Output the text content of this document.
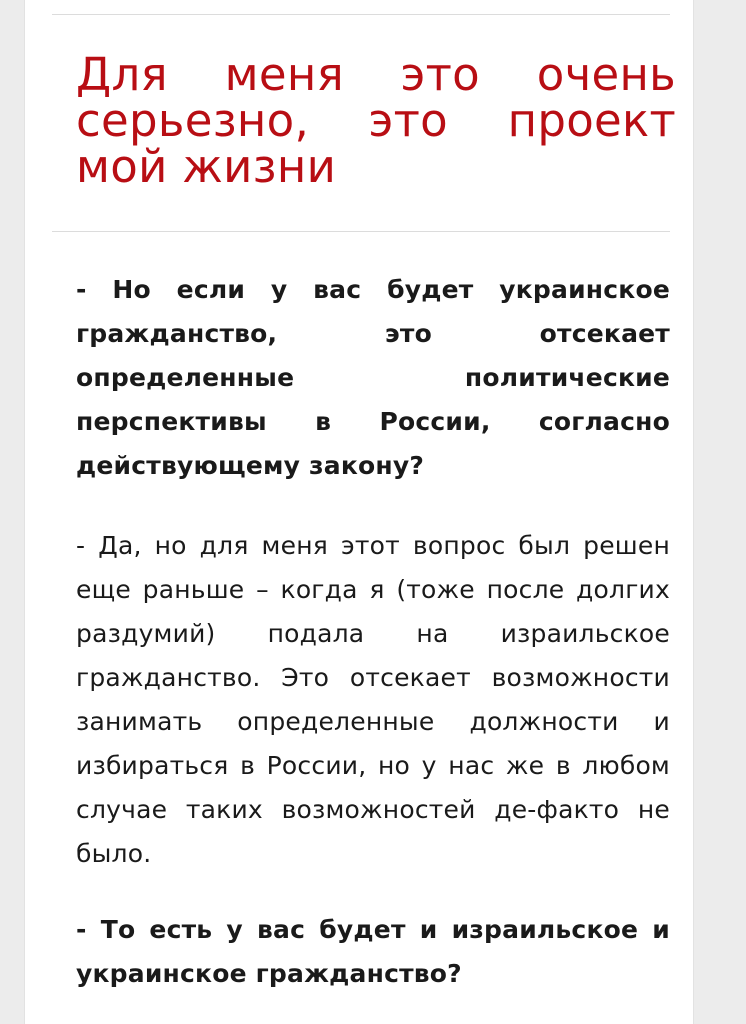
Для меня это очень серьезно, это проект мой жизни

- Но если у вас будет украинское гражданство, это отсекает определенные политические перспективы в России, согласно действующему закону?

- Да, но для меня этот вопрос был решен еще раньше – когда я (тоже после долгих раздумий) подала на израильское гражданство. Это отсекает возможности занимать определенные должности и избираться в России, но у нас же в любом случае таких возможностей де-факто не было.

- То есть у вас будет и израильское и украинское гражданство?
